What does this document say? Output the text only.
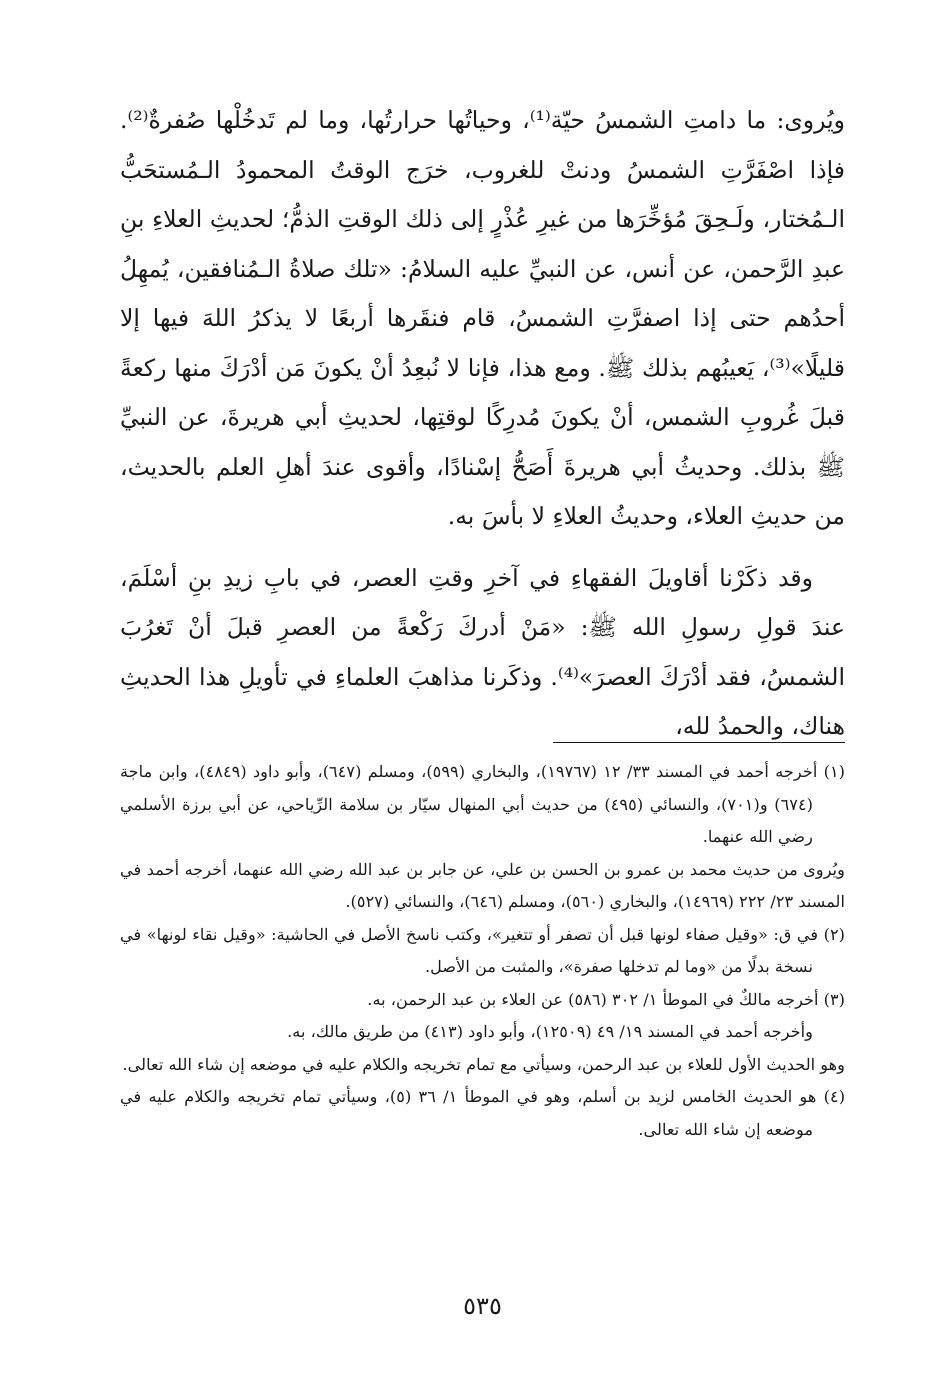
ويُروى: ما دامتِ الشمسُ حيّة⁽¹⁾، وحياتُها حرارتُها، وما لم تَدخُلْها صُفرةٌ⁽²⁾. فإذا اصْفَرَّتِ الشمسُ ودنتْ للغروب، خرَج الوقتُ المحمودُ الـمُستحَبُّ الـمُختار، ولَـحِقَ مُؤخِّرَها من غيرِ عُذْرٍ إلى ذلك الوقتِ الذمُّ؛ لحديثِ العلاءِ بنِ عبدِ الرَّحمن، عن أنس، عن النبيِّ عليه السلامُ: «تلك صلاةُ الـمُنافقين، يُمهِلُ أحدُهم حتى إذا اصفرَّتِ الشمسُ، قام فنقَرها أربعًا لا يذكرُ اللهَ فيها إلا قليلًا»⁽³⁾، يَعيبُهم بذلك ﷺ. ومع هذا، فإنا لا نُبعِدُ أنْ يكونَ مَن أدْرَكَ منها ركعةً قبلَ غُروبِ الشمس، أنْ يكونَ مُدرِكًا لوقتِها، لحديثِ أبي هريرةَ، عن النبيِّ ﷺ بذلك. وحديثُ أبي هريرةَ أَصَحُّ إسْنادًا، وأقوى عندَ أهلِ العلم بالحديث، من حديثِ العلاء، وحديثُ العلاءِ لا بأسَ به.

وقد ذكَرْنا أقاويلَ الفقهاءِ في آخرِ وقتِ العصر، في بابِ زيدِ بنِ أسْلَمَ، عندَ قولِ رسولِ الله ﷺ: «مَنْ أدركَ رَكْعةً من العصرِ قبلَ أنْ تَغرُبَ الشمسُ، فقد أدْرَكَ العصرَ»⁽⁴⁾. وذكَرنا مذاهبَ العلماءِ في تأويلِ هذا الحديثِ هناك، والحمدُ لله،

(١) أخرجه أحمد في المسند ٣٣/ ١٢ (١٩٧٦٧)، والبخاري (٥٩٩)، ومسلم (٦٤٧)، وأبو داود (٤٨٤٩)، وابن ماجة (٦٧٤) و(٧٠١)، والنسائي (٤٩٥) من حديث أبي المنهال سيّار بن سلامة الرِّياحي، عن أبي برزة الأسلمي رضي الله عنهما.

ويُروى من حديث محمد بن عمرو بن الحسن بن علي، عن جابر بن عبد الله رضي الله عنهما، أخرجه أحمد في المسند ٢٣/ ٢٢٢ (١٤٩٦٩)، والبخاري (٥٦٠)، ومسلم (٦٤٦)، والنسائي (٥٢٧).

(٢) في ق: «وقيل صفاء لونها قبل أن تصفر أو تتغير»، وكتب ناسخ الأصل في الحاشية: «وقيل نقاء لونها» في نسخة بدلًا من «وما لم تدخلها صفرة»، والمثبت من الأصل.

(٣) أخرجه مالكٌ في الموطأ ١/ ٣٠٢ (٥٨٦) عن العلاء بن عبد الرحمن، به.

وأخرجه أحمد في المسند ١٩/ ٤٩ (١٢٥٠٩)، وأبو داود (٤١٣) من طريق مالك، به.

وهو الحديث الأول للعلاء بن عبد الرحمن، وسيأتي مع تمام تخريجه والكلام عليه في موضعه إن شاء الله تعالى.

(٤) هو الحديث الخامس لزيد بن أسلم، وهو في الموطأ ١/ ٣٦ (٥)، وسيأتي تمام تخريجه والكلام عليه في موضعه إن شاء الله تعالى.

٥٣٥
